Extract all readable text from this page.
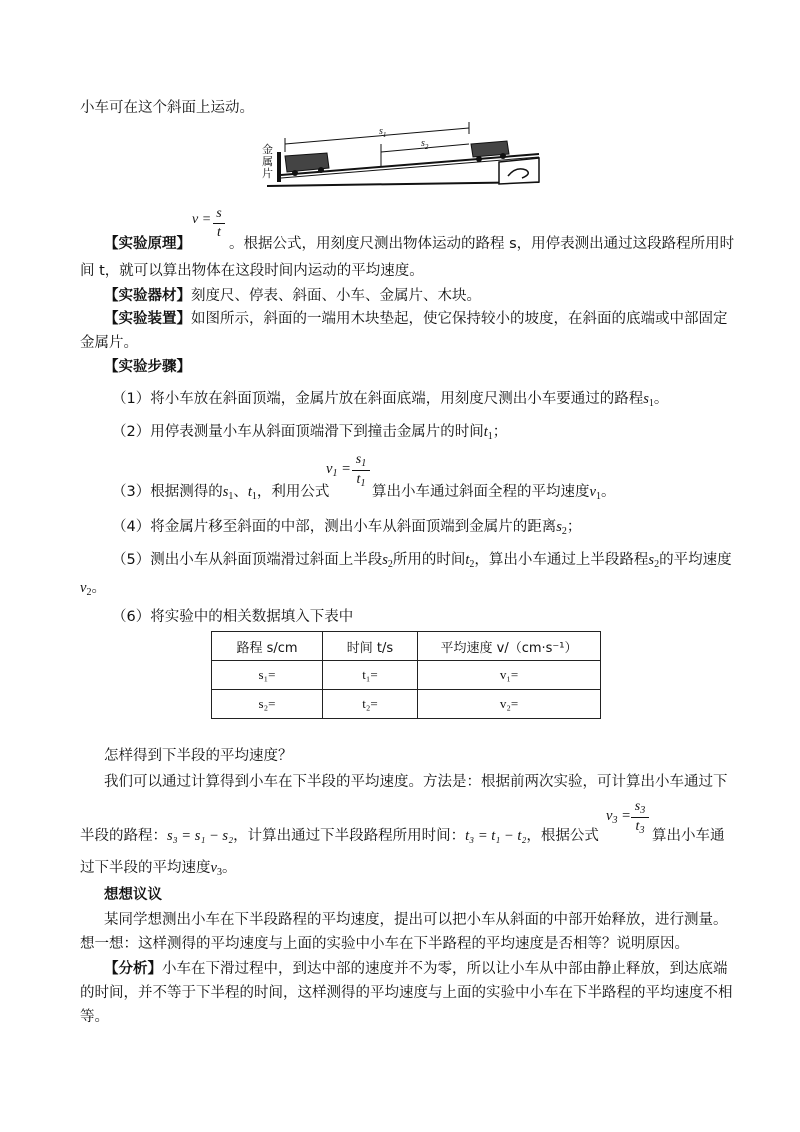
小车可在这个斜面上运动。
$s_1$
$s_2$
金
属
片
v = s
t
【实验原理】	。根据公式，用刻度尺测出物体运动的路程 s，用停表测出通过这段路程所用时
间 t，就可以算出物体在这段时间内运动的平均速度。
【实验器材】刻度尺、停表、斜面、小车、金属片、木块。
【实验装置】如图所示，斜面的一端用木块垫起，使它保持较小的坡度，在斜面的底端或中部固定
金属片。
【实验步骤】
（1）将小车放在斜面顶端，金属片放在斜面底端，用刻度尺测出小车要通过的路程$s_1$。
（2）用停表测量小车从斜面顶端滑下到撞击金属片的时间$t_1$；
$v_1$ =
$s_1$
$t_1$
（3）根据测得的$s_1$、$t_1$，利用公式	算出小车通过斜面全程的平均速度$v_1$。
（4）将金属片移至斜面的中部，测出小车从斜面顶端到金属片的距离$s_2$；
（5）测出小车从斜面顶端滑过斜面上半段$s_2$所用的时间$t_2$，算出小车通过上半段路程$s_2$的平均速度
$v_2$。
（6）将实验中的相关数据填入下表中
路程 s/cm	时间 t/s	平均速度 v/（cm·s⁻¹）
s₁=	t₁=	v₁=
s₂=	t₂=	v₂=
怎样得到下半段的平均速度？
我们可以通过计算得到小车在下半段的平均速度。方法是：根据前两次实验，可计算出小车通过下
$v_3$ =
$s_3$
$t_3$
半段的路程：s₃ = s₁ − s₂，计算出通过下半段路程所用时间：t₃ = t₁ − t₂，根据公式	算出小车通
过下半段的平均速度$v_3$。
想想议议
某同学想测出小车在下半段路程的平均速度，提出可以把小车从斜面的中部开始释放，进行测量。
想一想：这样测得的平均速度与上面的实验中小车在下半路程的平均速度是否相等？说明原因。
【分析】小车在下滑过程中，到达中部的速度并不为零，所以让小车从中部由静止释放，到达底端
的时间，并不等于下半程的时间，这样测得的平均速度与上面的实验中小车在下半路程的平均速度不相
等。
